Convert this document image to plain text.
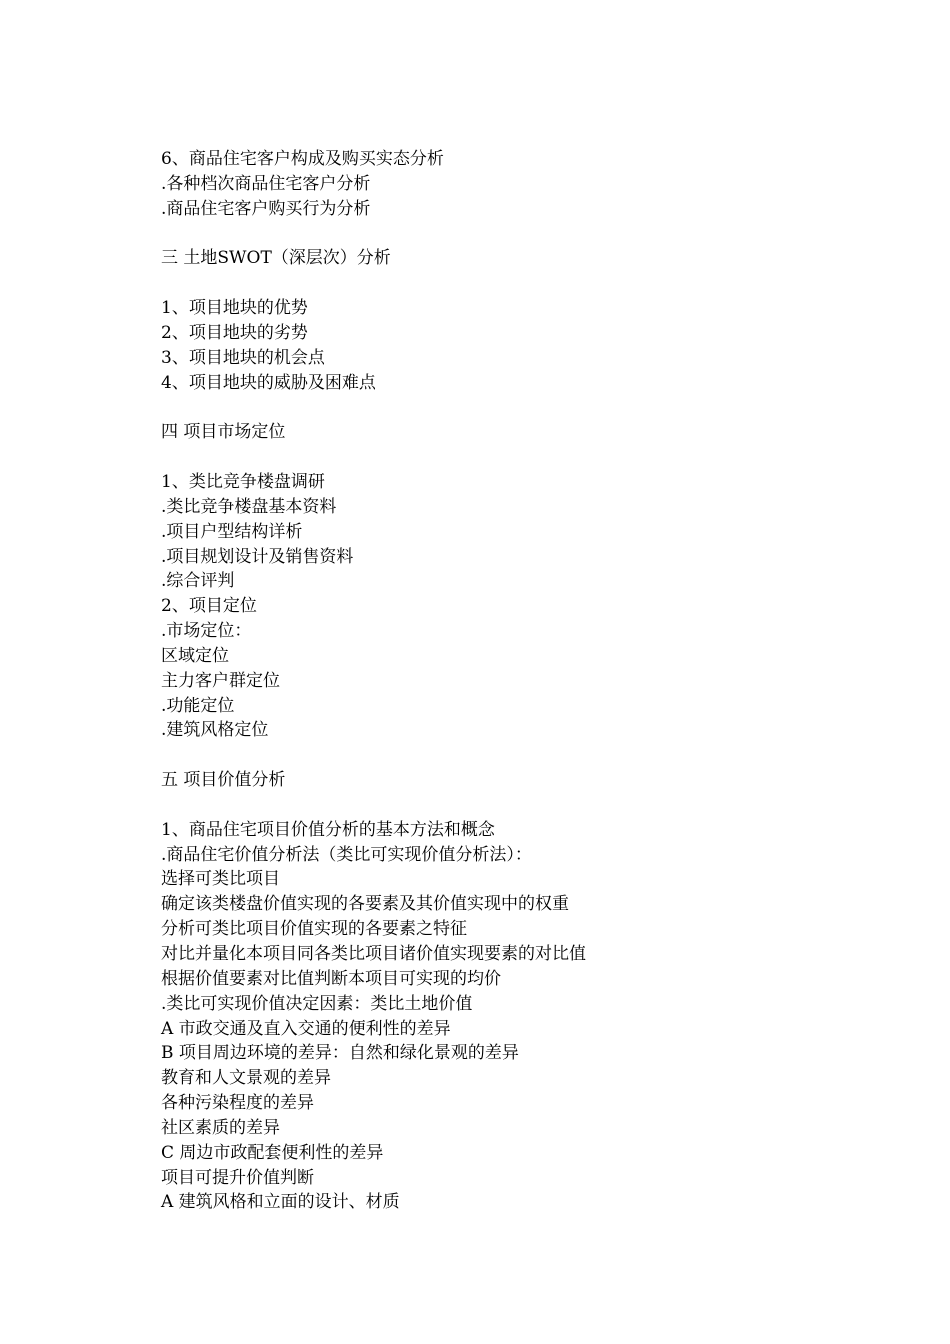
6、商品住宅客户构成及购买实态分析
.各种档次商品住宅客户分析
.商品住宅客户购买行为分析
三 土地SWOT（深层次）分析
1、项目地块的优势
2、项目地块的劣势
3、项目地块的机会点
4、项目地块的威胁及困难点
四 项目市场定位
1、类比竞争楼盘调研
.类比竞争楼盘基本资料
.项目户型结构详析
.项目规划设计及销售资料
.综合评判
2、项目定位
.市场定位：
区域定位
主力客户群定位
.功能定位
.建筑风格定位
五 项目价值分析
1、商品住宅项目价值分析的基本方法和概念
.商品住宅价值分析法（类比可实现价值分析法）：
选择可类比项目
确定该类楼盘价值实现的各要素及其价值实现中的权重
分析可类比项目价值实现的各要素之特征
对比并量化本项目同各类比项目诸价值实现要素的对比值
根据价值要素对比值判断本项目可实现的均价
.类比可实现价值决定因素：类比土地价值
A 市政交通及直入交通的便利性的差异
B 项目周边环境的差异：自然和绿化景观的差异
教育和人文景观的差异
各种污染程度的差异
社区素质的差异
C 周边市政配套便利性的差异
项目可提升价值判断
A 建筑风格和立面的设计、材质
